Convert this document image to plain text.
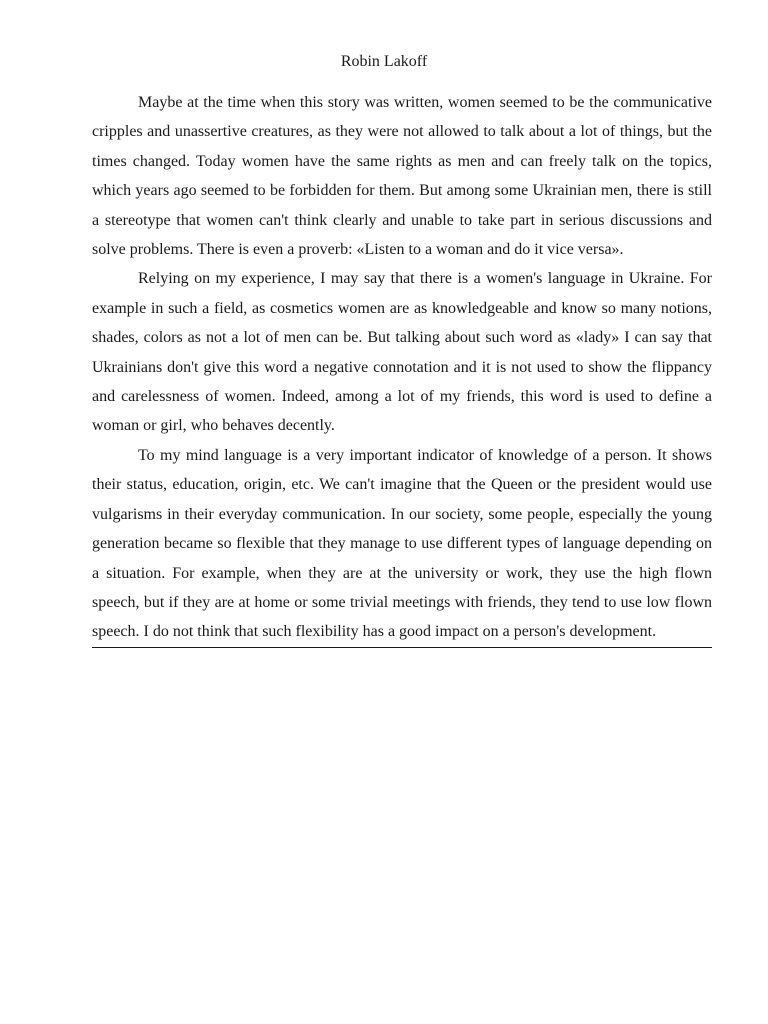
Robin Lakoff

Maybe at the time when this story was written, women seemed to be the communicative cripples and unassertive creatures, as they were not allowed to talk about a lot of things, but the times changed. Today women have the same rights as men and can freely talk on the topics, which years ago seemed to be forbidden for them. But among some Ukrainian men, there is still a stereotype that women can't think clearly and unable to take part in serious discussions and solve problems. There is even a proverb: «Listen to a woman and do it vice versa».

Relying on my experience, I may say that there is a women's language in Ukraine. For example in such a field, as cosmetics women are as knowledgeable and know so many notions, shades, colors as not a lot of men can be. But talking about such word as «lady» I can say that Ukrainians don't give this word a negative connotation and it is not used to show the flippancy and carelessness of women. Indeed, among a lot of my friends, this word is used to define a woman or girl, who behaves decently.

To my mind language is a very important indicator of knowledge of a person. It shows their status, education, origin, etc. We can't imagine that the Queen or the president would use vulgarisms in their everyday communication. In our society, some people, especially the young generation became so flexible that they manage to use different types of language depending on a situation. For example, when they are at the university or work, they use the high flown speech, but if they are at home or some trivial meetings with friends, they tend to use low flown speech. I do not think that such flexibility has a good impact on a person's development.
